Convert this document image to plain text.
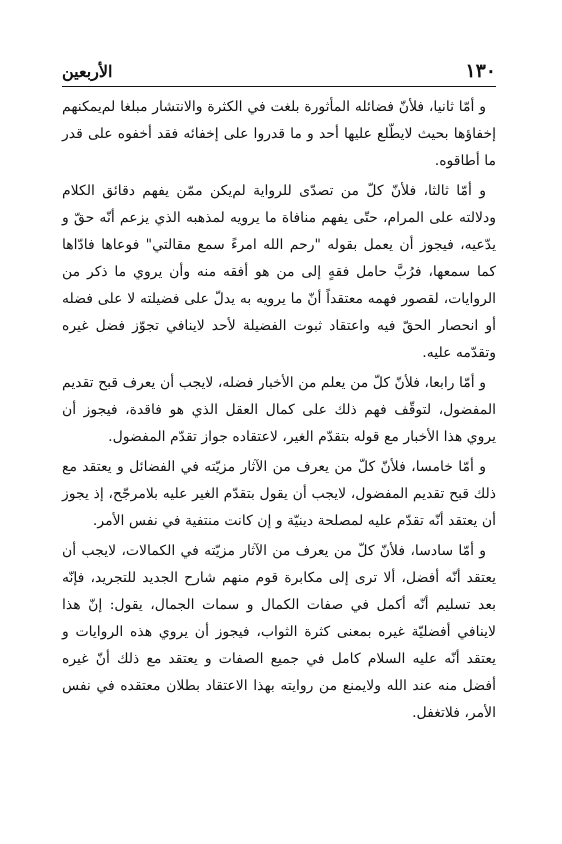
١٣٠
الأربعين

و أمّا ثانيا، فلأنّ فضائله المأثورة بلغت في الكثرة والانتشار مبلغا لم‌يمكنهم إخفاؤها بحيث لايطّلع عليها أحد و ما قدروا على إخفائه فقد أخفوه على قدر ما أطاقوه.

و أمّا ثالثا، فلأنّ كلّ من تصدّى للرواية لم‌يكن ممّن يفهم دقائق الكلام ودلالته على المرام، حتّى يفهم منافاة ما يرويه لمذهبه الذي يزعم أنّه حقّ و يدّعيه، فيجوز أن يعمل بقوله "رحم الله امرءً سمع مقالتي" فوعاها فادّاها كما سمعها، فرُبَّ حامل فقهٍ إلى من هو أفقه منه وأن يروي ما ذكر من الروايات، لقصور فهمه معتقداً أنّ ما يرويه به يدلّ على فضيلته لا على فضله أو انحصار الحقّ فيه واعتقاد ثبوت الفضيلة لأحد لاينافي تجوّز فضل غيره وتقدّمه عليه.

و أمّا رابعا، فلأنّ كلّ من يعلم من الأخبار فضله، لايجب أن يعرف قبح تقديم المفضول، لتوقّف فهم ذلك على كمال العقل الذي هو فاقدة، فيجوز أن يروي هذا الأخبار مع قوله بتقدّم الغير، لاعتقاده جواز تقدّم المفضول.

و أمّا خامسا، فلأنّ كلّ من يعرف من الآثار مزيّته في الفضائل و يعتقد مع ذلك قبح تقديم المفضول، لايجب أن يقول بتقدّم الغير عليه بلامرجّح، إذ يجوز أن يعتقد أنّه تقدّم عليه لمصلحة دينيّة و إن كانت منتفية في نفس الأمر.

و أمّا سادسا، فلأنّ كلّ من يعرف من الآثار مزيّته في الكمالات، لايجب أن يعتقد أنّه أفضل، ألا ترى إلى مكابرة قوم منهم شارح الجديد للتجريد، فإنّه بعد تسليم أنّه أكمل في صفات الكمال و سمات الجمال، يقول: إنّ هذا لاينافي أفضليّة غيره بمعنى كثرة الثواب، فيجوز أن يروي هذه الروايات و يعتقد أنّه عليه السلام كامل في جميع الصفات و يعتقد مع ذلك أنّ غيره أفضل منه عند الله ولايمنع من روايته بهذا الاعتقاد بطلان معتقده في نفس الأمر، فلاتغفل.
